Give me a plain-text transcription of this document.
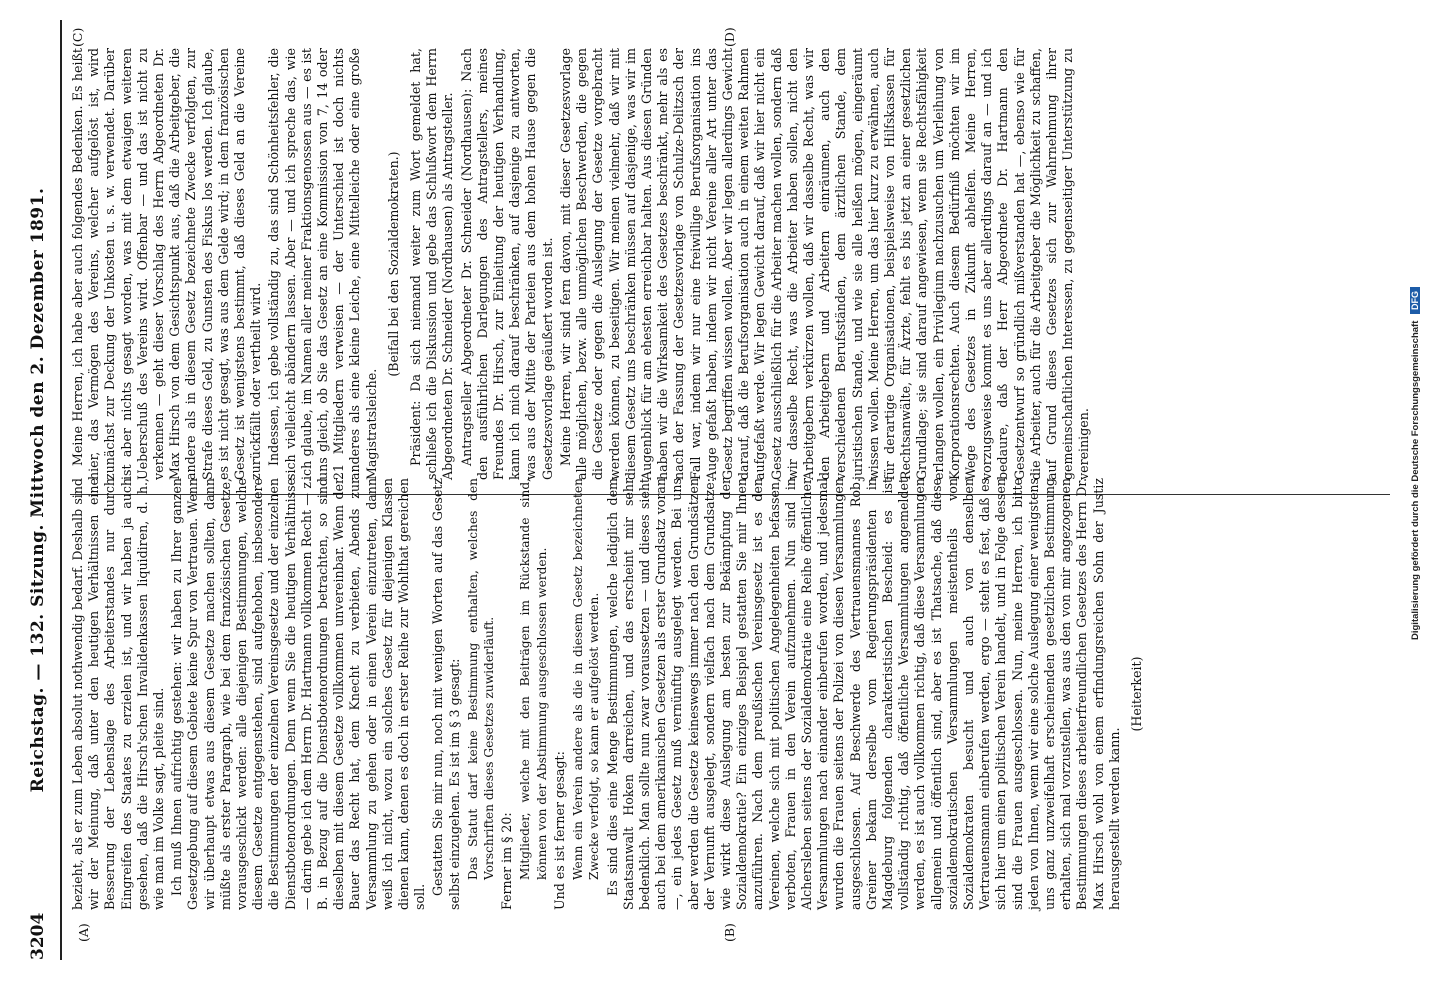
3204
Reichstag. — 132. Sitzung. Mittwoch den 2. Dezember 1891.
(A)	(B)
(C)	(D)

bezieht, als er zum Leben absolut nothwendig bedarf. Deshalb sind wir der Meinung, daß unter den heutigen Verhältnissen eine Besserung der Lebenslage des Arbeiterstandes nur durch Eingreifen des Staates zu erzielen ist, und wir haben ja auch gesehen, daß die Hirsch'schen Invalidenkassen liquidiren, d. h., wie man im Volke sagt, pleite sind. Ich muß Ihnen aufrichtig gestehen: wir haben zu Ihrer ganzen Gesetzgebung auf diesem Gebiete keine Spur von Vertrauen. Wenn wir überhaupt etwas aus diesem Gesetze machen sollten, dann müßte als erster Paragraph, wie bei dem französischen Gesetze, vorausgeschickt werden: alle diejenigen Bestimmungen, welche diesem Gesetze entgegenstehen, sind aufgehoben, insbesondere die Bestimmungen der einzelnen Vereinsgesetze und der einzelnen Dienstbotenordnungen. Denn wenn Sie die heutigen Verhältnisse — darin gebe ich dem Herrn Dr. Hartmann vollkommen Recht — z. B. in Bezug auf die Dienstbotenordnungen betrachten, so sind dieselben mit diesem Gesetze vollkommen unvereinbar. Wenn der Bauer das Recht hat, dem Knecht zu verbieten, Abends zur Versammlung zu gehen oder in einen Verein einzutreten, dann weiß ich nicht, wozu ein solches Gesetz für diejenigen Klassen dienen kann, denen es doch in erster Reihe zur Wohlthat gereichen soll.

Gestatten Sie mir nun, noch mit wenigen Worten auf das Gesetz selbst einzugehen. Es ist im § 3 gesagt: Das Statut darf keine Bestimmung enthalten, welches den Vorschriften dieses Gesetzes zuwiderläuft. Ferner im § 20: Mitglieder, welche mit den Beiträgen im Rückstande sind, können von der Abstimmung ausgeschlossen werden. Und es ist ferner gesagt: Wenn ein Verein andere als die in diesem Gesetz bezeichneten Zwecke verfolgt, so kann er aufgelöst werden. Es sind dies eine Menge Bestimmungen, welche lediglich dem Staatsanwalt Hoken darreichen, und das erscheint mir sehr bedenklich. Man sollte nun zwar voraussetzen — und dieses sieht auch bei dem amerikanischen Gesetzen als erster Grundsatz voran —, ein jedes Gesetz muß vernünftig ausgelegt werden. Bei uns aber werden die Gesetze keineswegs immer nach den Grundsätzen der Vernunft ausgelegt, sondern vielfach nach dem Grundsatze: wie wirkt diese Auslegung am besten zur Bekämpfung der Sozialdemokratie? Ein einziges Beispiel gestatten Sie mir Ihnen anzuführen. Nach dem preußischen Vereinsgesetz ist es den Vereinen, welche sich mit politischen Angelegenheiten befassen, verboten, Frauen in den Verein aufzunehmen. Nun sind in Alchersleben seitens der Sozialdemokratie eine Reihe öffentlicher Versammlungen nach einander einberufen worden, und jedesmal wurden die Frauen seitens der Polizei von diesen Versammlungen ausgeschlossen. Auf Beschwerde des Vertrauensmannes Rob. Greiner bekam derselbe vom Regierungspräsidenten in Magdeburg folgenden charakteristischen Bescheid: es ist vollständig richtig, daß öffentliche Versammlungen angemeldet werden, es ist auch vollkommen richtig, daß diese Versammlungen allgemein und öffentlich sind, aber es ist Thatsache, daß diese sozialdemokratischen Versammlungen meistentheils von Sozialdemokraten besucht und auch von denselben Vertrauensmann einberufen werden, ergo — steht es fest, daß es sich hier um einen politischen Verein handelt, und in Folge dessen sind die Frauen ausgeschlossen. Nun, meine Herren, ich bitte jeden von Ihnen, wenn wir eine solche Auslegung einer wenigstens uns ganz unzweifelhaft erscheinenden gesetzlichen Bestimmung erhalten, sich mal vorzustellen, was aus den von mir angezogenen Bestimmungen dieses arbeiterfreundlichen Gesetzes des Herrn Dr. Max Hirsch wohl von einem erfindungsreichen Sohn der Justiz herausgestellt werden kann.

(Heiterkeit)

Meine Herren, ich habe aber auch folgendes Bedenken. Es heißt hier, das Vermögen des Vereins, welcher aufgelöst ist, wird zunächst zur Deckung der Unkosten u. s. w. verwendet. Darüber ist aber nichts gesagt worden, was mit dem etwaigen weiteren Ueberschuß des Vereins wird. Offenbar — und das ist nicht zu verkennen — geht dieser Vorschlag des Herrn Abgeordneten Dr. Max Hirsch von dem Gesichtspunkt aus, daß die Arbeitgeber, die andere als in diesem Gesetz bezeichnete Zwecke verfolgten, zur Strafe dieses Geld, zu Gunsten des Fiskus los werden. Ich glaube, es ist nicht gesagt, was aus dem Gelde wird; in dem französischen Gesetz ist wenigstens bestimmt, daß dieses Geld an die Vereine zurückfällt oder vertheilt wird. Indessen, ich gebe vollständig zu, das sind Schönheitsfehler, die sich vielleicht abändern lassen. Aber — und ich spreche das, wie ich glaube, im Namen aller meiner Fraktionsgenossen aus — es ist uns gleich, ob Sie das Gesetz an eine Kommission von 7, 14 oder 21 Mitgliedern verweisen — der Unterschied ist doch nichts anderes als eine kleine Leiche, eine Mittelleiche oder eine große Magistratsleiche.

(Beifall bei den Sozialdemokraten.) Präsident: Da sich niemand weiter zum Wort gemeldet hat, schließe ich die Diskussion und gebe das Schlußwort dem Herrn Abgeordneten Dr. Schneider (Nordhausen) als Antragsteller. Antragsteller Abgeordneter Dr. Schneider (Nordhausen): Nach den ausführlichen Darlegungen des Antragstellers, meines Freundes Dr. Hirsch, zur Einleitung der heutigen Verhandlung, kann ich mich darauf beschränken, auf dasjenige zu antworten, was aus der Mitte der Parteien aus dem hohen Hause gegen die Gesetzesvorlage geäußert worden ist. Meine Herren, wir sind fern davon, mit dieser Gesetzesvorlage alle möglichen, bezw. alle unmöglichen Beschwerden, die gegen die Gesetze oder gegen die Auslegung der Gesetze vorgebracht werden können, zu beseitigen. Wir meinen vielmehr, daß wir mit diesem Gesetz uns beschränken müssen auf dasjenige, was wir im Augenblick für am ehesten erreichbar halten. Aus diesen Gründen haben wir die Wirksamkeit des Gesetzes beschränkt, mehr als es nach der Fassung der Gesetzesvorlage von Schulze-Delitzsch der Fall war, indem wir nur eine freiwillige Berufsorganisation ins Auge gefaßt haben, indem wir nicht Vereine aller Art unter das Gesetz begriffen wissen wollen. Aber wir legen allerdings Gewicht darauf, daß die Berufsorganisation auch in einem weiten Rahmen aufgefaßt werde. Wir legen Gewicht darauf, daß wir hier nicht ein Gesetz ausschließlich für die Arbeiter machen wollen, sondern daß wir dasselbe Recht, was die Arbeiter haben sollen, nicht den Arbeitgebern verkürzen wollen, daß wir dasselbe Recht, was wir den Arbeitgebern und Arbeitern einräumen, auch den verschiedenen Berufsständen, dem ärztlichen Stande, dem juristischen Stande, und wie sie alle heißen mögen, eingeräumt wissen wollen. Meine Herren, um das hier kurz zu erwähnen, auch für derartige Organisationen, beispielsweise von Hilfskassen für Rechtsanwälte, für Ärzte, fehlt es bis jetzt an einer gesetzlichen Grundlage; sie sind darauf angewiesen, wenn sie Rechtsfähigkeit erlangen wollen, ein Privilegium nachzusuchen um Verleihung von Korporationsrechten. Auch diesem Bedürfniß möchten wir im Wege des Gesetzes in Zukunft abhelfen. Meine Herren, vorzugsweise kommt es uns aber allerdings darauf an — und ich bedaure, daß der Herr Abgeordnete Dr. Hartmann den Gesetzentwurf so gründlich mißverstanden hat —, ebenso wie für die Arbeiter, auch für die Arbeitgeber die Möglichkeit zu schaffen, auf Grund dieses Gesetzes sich zur Wahrnehmung ihrer gemeinschaftlichen Interessen, zu gegenseitiger Unterstützung zu vereinigen.	Digitalisierung gefördert durch die Deutsche Forschungsgemeinschaft DFG
